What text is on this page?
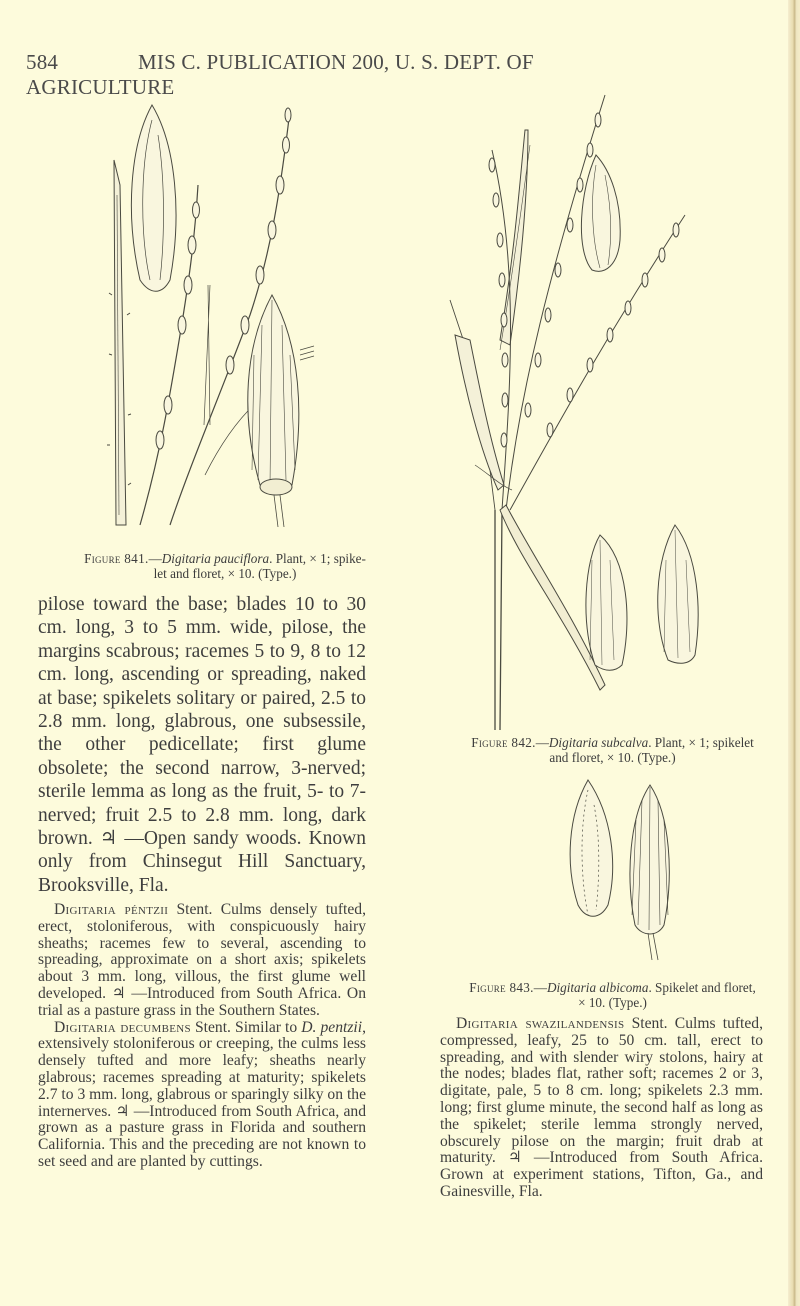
584	MIS C. PUBLICATION 200, U. S. DEPT. OF AGRICULTURE
Figure 841.—Digitaria pauciflora. Plant, × 1; spike-
let and floret, × 10. (Type.)

pilose toward the base; blades 10 to 30 cm. long, 3 to 5 mm. wide, pilose, the margins scabrous; racemes 5 to 9, 8 to 12 cm. long, ascending or spreading, naked at base; spikelets solitary or paired, 2.5 to 2.8 mm. long, glabrous, one subsessile, the other pedicellate; first glume obsolete; the second narrow, 3-nerved; sterile lemma as long as the fruit, 5- to 7-nerved; fruit 2.5 to 2.8 mm. long, dark brown. ♃ —Open sandy woods. Known only from Chinsegut Hill Sanctuary, Brooksville, Fla.

Digitaria péntzii Stent. Culms densely tufted, erect, stoloniferous, with conspicuously hairy sheaths; racemes few to several, ascending to spreading, approximate on a short axis; spikelets about 3 mm. long, villous, the first glume well developed. ♃ —Introduced from South Africa. On trial as a pasture grass in the Southern States.

Digitaria decumbens Stent. Similar to D. pentzii, extensively stoloniferous or creeping, the culms less densely tufted and more leafy; sheaths nearly glabrous; racemes spreading at maturity; spikelets 2.7 to 3 mm. long, glabrous or sparingly silky on the internerves. ♃ —Introduced from South Africa, and grown as a pasture grass in Florida and southern California. This and the preceding are not known to set seed and are planted by cuttings.

Figure 842.—Digitaria subcalva. Plant, × 1; spikelet
and floret, × 10. (Type.)
Figure 843.—Digitaria albicoma. Spikelet and floret,
× 10. (Type.)

Digitaria swazilandensis Stent. Culms tufted, compressed, leafy, 25 to 50 cm. tall, erect to spreading, and with slender wiry stolons, hairy at the nodes; blades flat, rather soft; racemes 2 or 3, digitate, pale, 5 to 8 cm. long; spikelets 2.3 mm. long; first glume minute, the second half as long as the spikelet; sterile lemma strongly nerved, obscurely pilose on the margin; fruit drab at maturity. ♃ —Introduced from South Africa. Grown at experiment stations, Tifton, Ga., and Gainesville, Fla.
